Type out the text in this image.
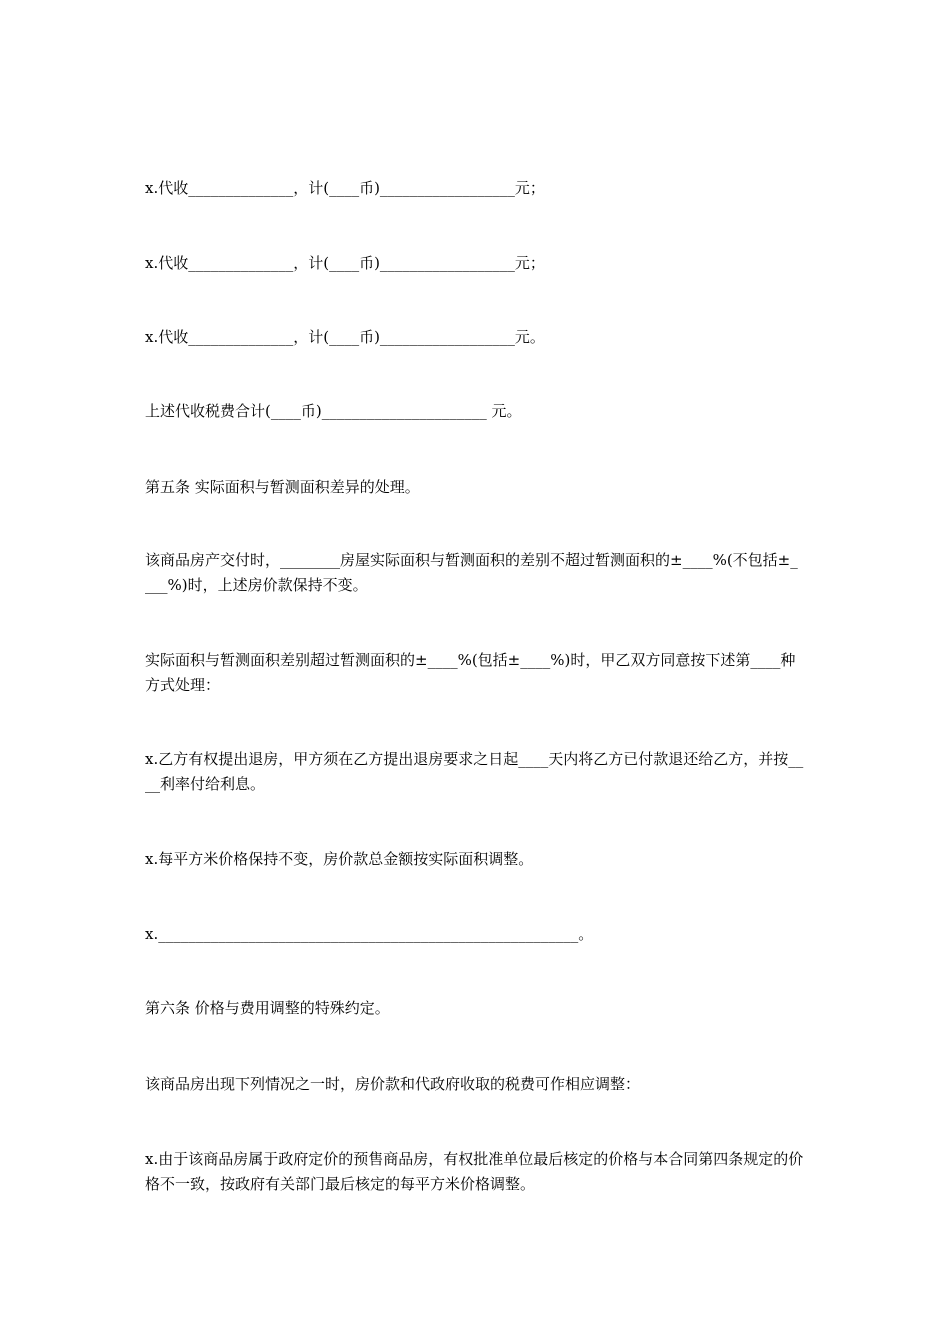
x.代收______________，计(____币)__________________元；
x.代收______________，计(____币)__________________元；
x.代收______________，计(____币)__________________元。
上述代收税费合计(____币)______________________ 元。
第五条 实际面积与暂测面积差异的处理。
该商品房产交付时，________房屋实际面积与暂测面积的差别不超过暂测面积的±____%(不包括±____%)时，上述房价款保持不变。
实际面积与暂测面积差别超过暂测面积的±____%(包括±____%)时，甲乙双方同意按下述第____种方式处理：
x.乙方有权提出退房，甲方须在乙方提出退房要求之日起____天内将乙方已付款退还给乙方，并按____利率付给利息。
x.每平方米价格保持不变，房价款总金额按实际面积调整。
x.________________________________________________________。
第六条 价格与费用调整的特殊约定。
该商品房出现下列情况之一时，房价款和代政府收取的税费可作相应调整：
x.由于该商品房属于政府定价的预售商品房，有权批准单位最后核定的价格与本合同第四条规定的价格不一致，按政府有关部门最后核定的每平方米价格调整。
